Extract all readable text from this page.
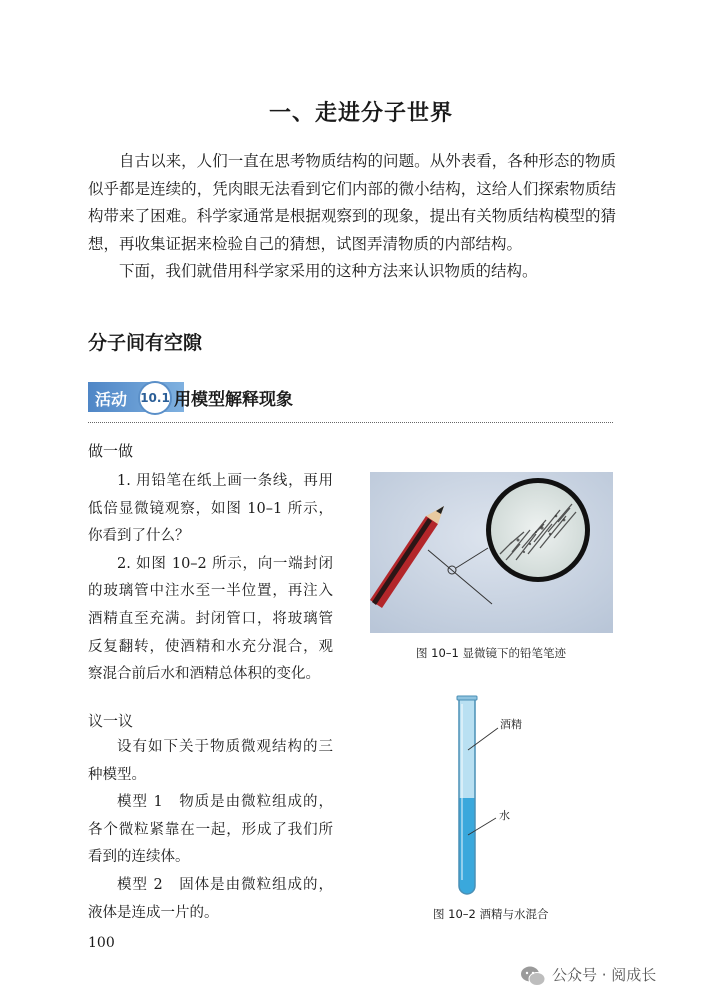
一、走进分子世界

自古以来，人们一直在思考物质结构的问题。从外表看，各种形态的物质似乎都是连续的，凭肉眼无法看到它们内部的微小结构，这给人们探索物质结构带来了困难。科学家通常是根据观察到的现象，提出有关物质结构模型的猜想，再收集证据来检验自己的猜想，试图弄清物质的内部结构。

下面，我们就借用科学家采用的这种方法来认识物质的结构。

分子间有空隙
活动 10.1 用模型解释现象
做一做

1. 用铅笔在纸上画一条线，再用低倍显微镜观察，如图 10–1 所示，你看到了什么？

2. 如图 10–2 所示，向一端封闭的玻璃管中注水至一半位置，再注入酒精直至充满。封闭管口，将玻璃管反复翻转，使酒精和水充分混合，观察混合前后水和酒精总体积的变化。

图 10–1 显微镜下的铅笔笔迹
议一议

设有如下关于物质微观结构的三种模型。

模型 1　物质是由微粒组成的，各个微粒紧靠在一起，形成了我们所看到的连续体。

模型 2　固体是由微粒组成的，液体是连成一片的。

酒精
水
图 10–2 酒精与水混合
100
公众号 · 阅成长
